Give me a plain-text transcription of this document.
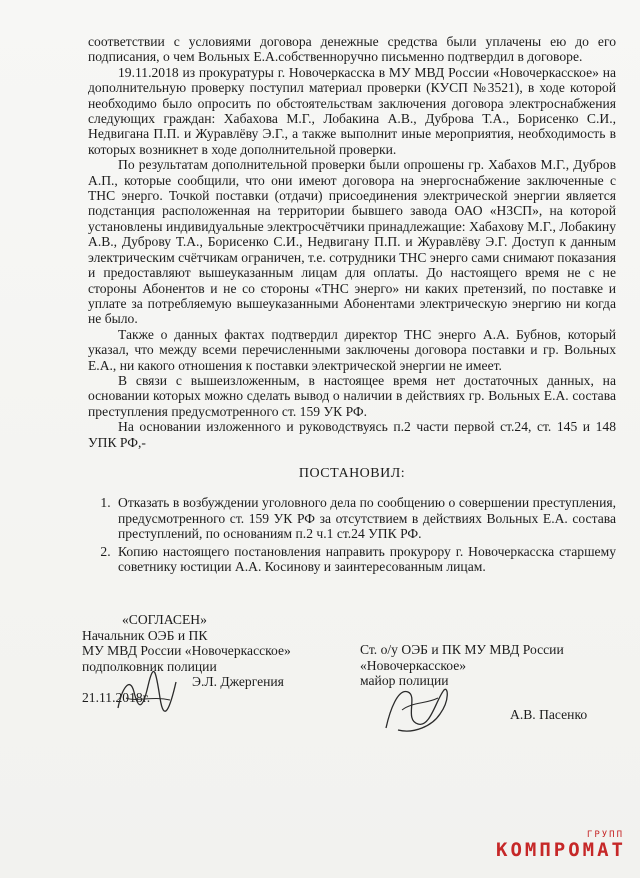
соответствии с условиями договора денежные средства были уплачены ею до его подписания, о чем Вольных Е.А.собственноручно письменно подтвердил в договоре.

19.11.2018 из прокуратуры г. Новочеркасска в МУ МВД России «Новочеркасское» на дополнительную проверку поступил материал проверки (КУСП №3521), в ходе которой необходимо было опросить по обстоятельствам заключения договора электроснабжения следующих граждан: Хабахова М.Г., Лобакина А.В., Дуброва Т.А., Борисенко С.И., Недвигана П.П. и Журавлёву Э.Г., а также выполнит иные мероприятия, необходимость в которых возникнет в ходе дополнительной проверки.

По результатам дополнительной проверки были опрошены гр. Хабахов М.Г., Дубров А.П., которые сообщили, что они имеют договора на энергоснабжение заключенные с ТНС энерго. Точкой поставки (отдачи) присоединения электрической энергии является подстанция расположенная на территории бывшего завода ОАО «НЗСП», на которой установлены индивидуальные электросчётчики принадлежащие: Хабахову М.Г., Лобакину А.В., Дуброву Т.А., Борисенко С.И., Недвигану П.П. и Журавлёву Э.Г. Доступ к данным электрическим счётчикам ограничен, т.е. сотрудники ТНС энерго сами снимают показания и предоставляют вышеуказанным лицам для оплаты. До настоящего время не с не стороны Абонентов и не со стороны «ТНС энерго» ни каких претензий, по поставке и уплате за потребляемую вышеуказанными Абонентами электрическую энергию ни когда не было.

Также о данных фактах подтвердил директор ТНС энерго А.А. Бубнов, который указал, что между всеми перечисленными заключены договора поставки и гр. Вольных Е.А., ни какого отношения к поставки электрической энергии не имеет.

В связи с вышеизложенным, в настоящее время нет достаточных данных, на основании которых можно сделать вывод о наличии в действиях гр. Вольных Е.А. состава преступления предусмотренного ст. 159 УК РФ.

На основании изложенного и руководствуясь п.2 части первой ст.24, ст. 145 и 148 УПК РФ,-

ПОСТАНОВИЛ:

1. Отказать в возбуждении уголовного дела по сообщению о совершении преступления, предусмотренного ст. 159 УК РФ за отсутствием в действиях Вольных Е.А. состава преступлений, по основаниям п.2 ч.1 ст.24 УПК РФ.
2. Копию настоящего постановления направить прокурору г. Новочеркасска старшему советнику юстиции А.А. Косинову и заинтересованным лицам.

«СОГЛАСЕН»

Начальник ОЭБ и ПК

МУ МВД России «Новочеркасское»

подполковник полиции

Э.Л. Джергения

21.11.2018г.

Ст. о/у ОЭБ и ПК МУ МВД России

«Новочеркасское»

майор полиции

А.В. Пасенко

ГРУПП
КОМПРОМАТ
